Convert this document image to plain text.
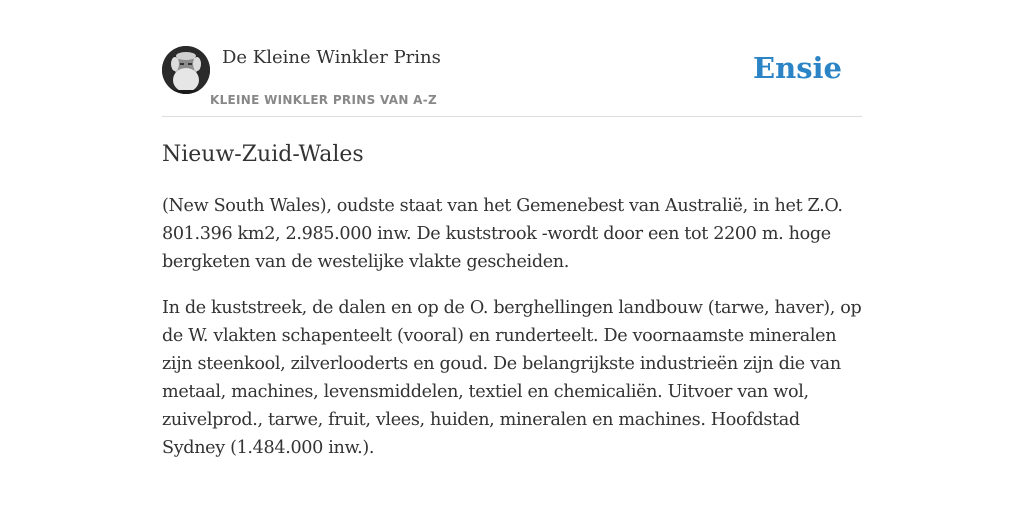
De Kleine Winkler Prins
KLEINE WINKLER PRINS VAN A-Z
Ensie
Nieuw-Zuid-Wales

(New South Wales), oudste staat van het Gemenebest van Australië, in het Z.O. 801.396 km2, 2.985.000 inw. De kuststrook -wordt door een tot 2200 m. hoge bergketen van de westelijke vlakte gescheiden.

In de kuststreek, de dalen en op de O. berghellingen landbouw (tarwe, haver), op de W. vlakten schapenteelt (vooral) en runderteelt. De voornaamste mineralen zijn steenkool, zilverlooderts en goud. De belangrijkste industrieën zijn die van metaal, machines, levensmiddelen, textiel en chemicaliën. Uitvoer van wol, zuivelprod., tarwe, fruit, vlees, huiden, mineralen en machines. Hoofdstad Sydney (1.484.000 inw.).
